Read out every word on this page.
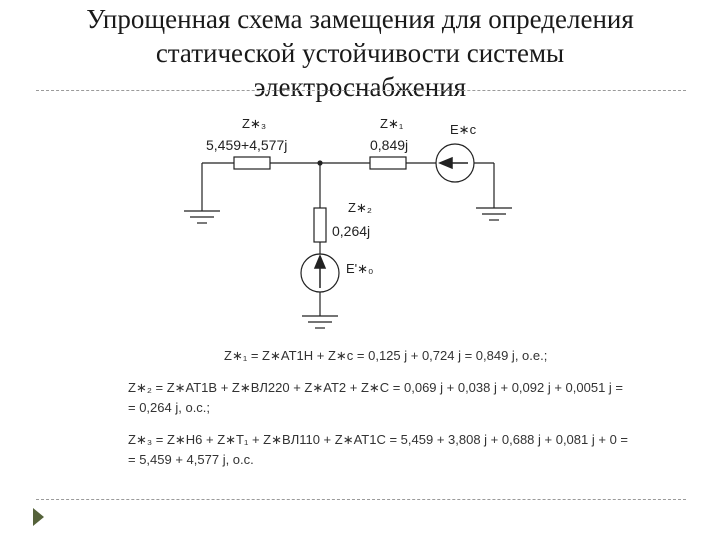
Упрощенная схема замещения для определения
статической устойчивости системы
электроснабжения
Z∗₃
5,459+4,577j
Z∗₁
0,849j
E∗c
Z∗₂
0,264j
E'∗₀
Z∗₁ = Z∗AT1H + Z∗c = 0,125 j + 0,724 j = 0,849 j, o.e.;
Z∗₂ = Z∗AT1B + Z∗BЛ220 + Z∗AT2 + Z∗C = 0,069 j + 0,038 j + 0,092 j + 0,0051 j =
= 0,264 j, o.c.;
Z∗₃ = Z∗H6 + Z∗T₁ + Z∗BЛ110 + Z∗AT1C = 5,459 + 3,808 j + 0,688 j + 0,081 j + 0 =
= 5,459 + 4,577 j, o.c.
